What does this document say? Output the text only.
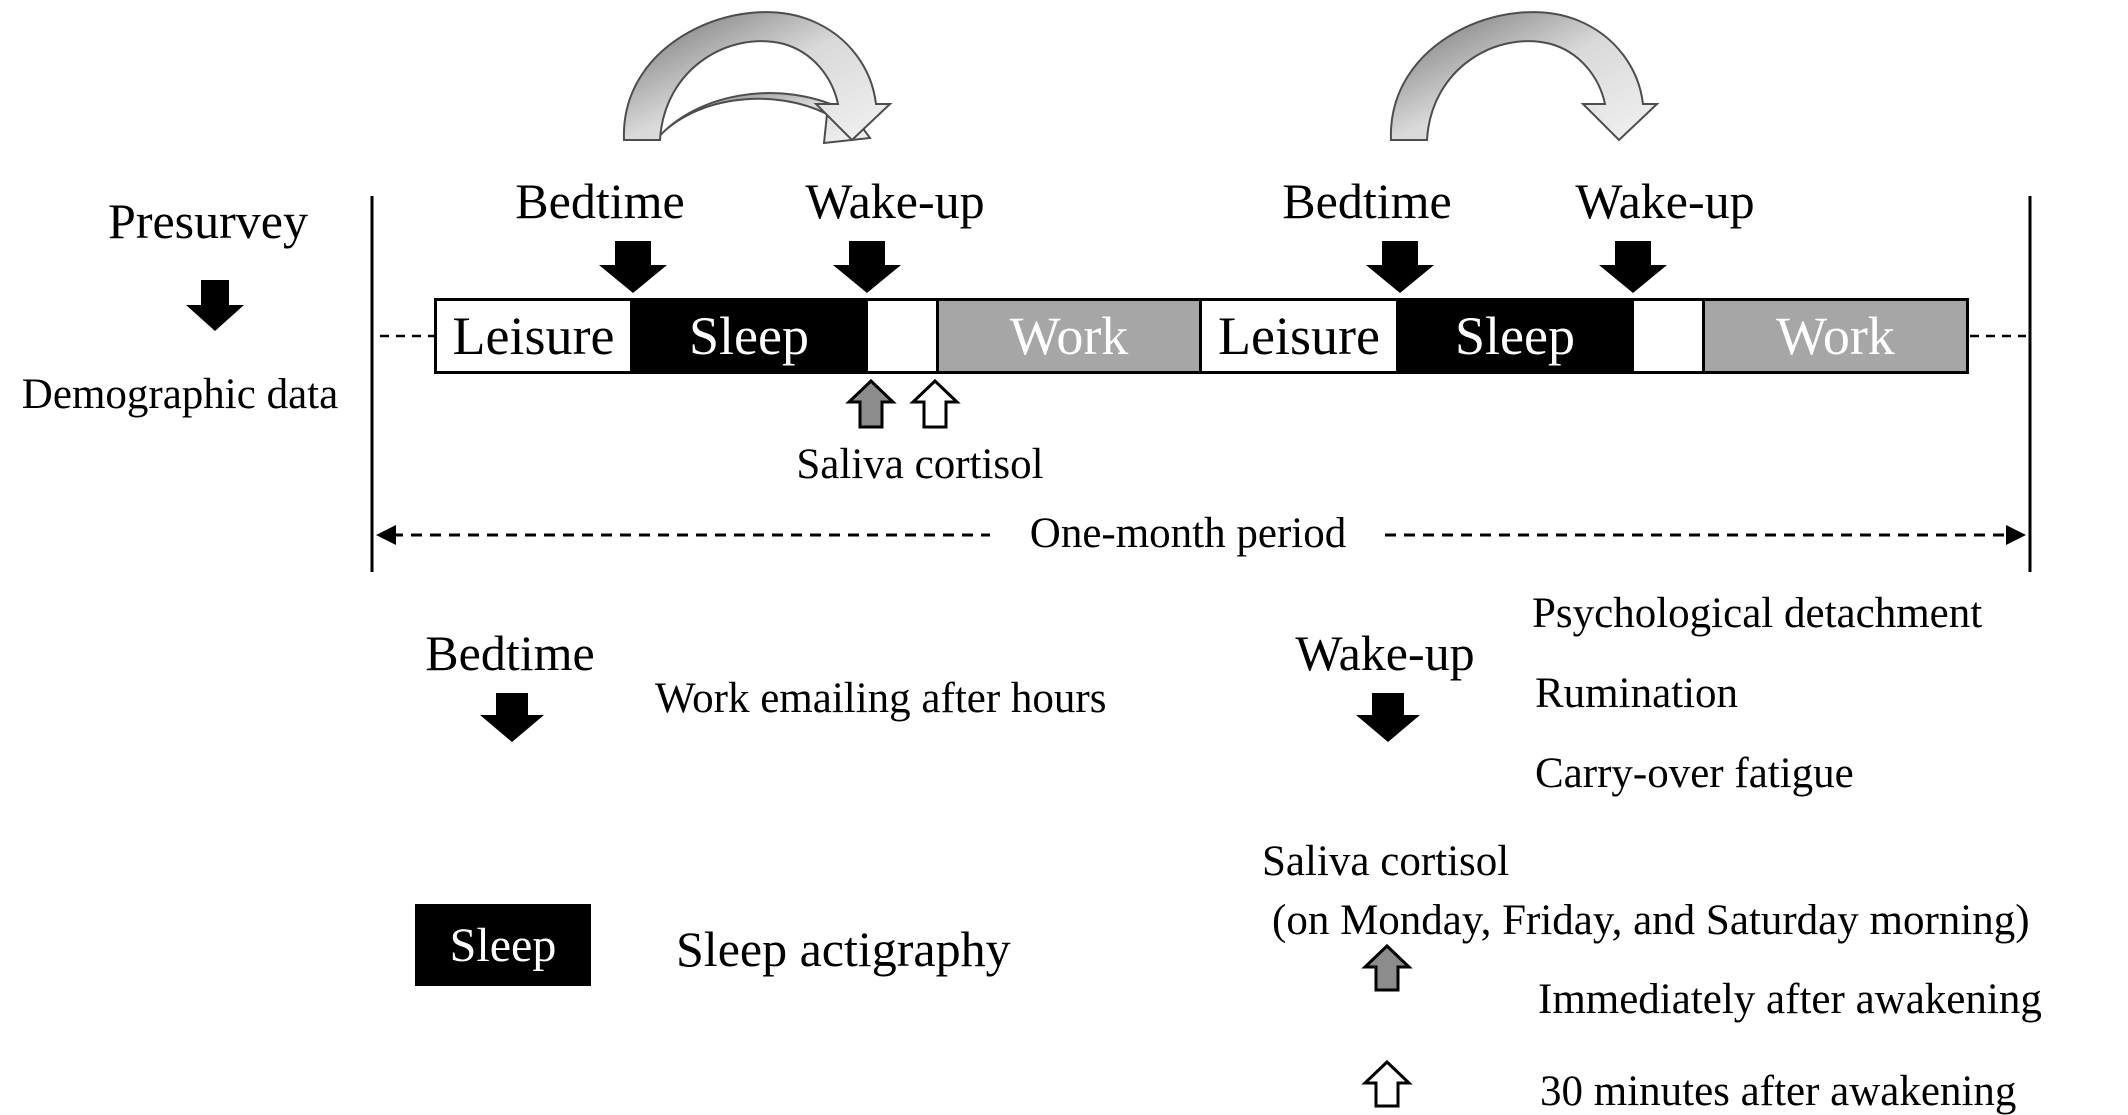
Presurvey
Demographic data
Bedtime Wake-up	Bedtime Wake-up
Leisure	Sleep	Work	Leisure	Sleep	Work
Saliva cortisol
One-month period
Bedtime
Work emailing after hours
Wake-up
Psychological detachment
Rumination
Carry-over fatigue
Sleep	Sleep actigraphy
Saliva cortisol
(on Monday, Friday, and Saturday morning)
Immediately after awakening
30 minutes after awakening
